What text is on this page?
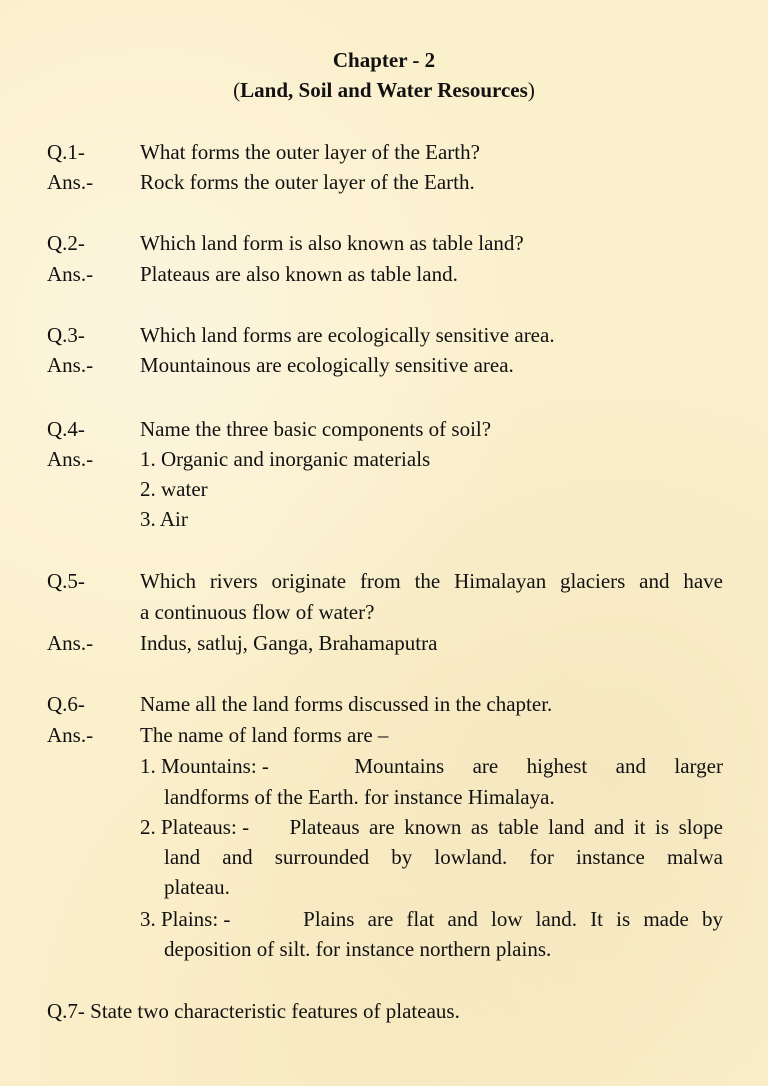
Chapter - 2
(Land, Soil and Water Resources)
Q.1-	What forms the outer layer of the Earth?
Ans.- Rock forms the outer layer of the Earth.
Q.2-	Which land form is also known as table land?
Ans.- Plateaus are also known as table land.
Q.3-	Which land forms are ecologically sensitive area.
Ans.- Mountainous are ecologically sensitive area.
Q.4-	Name the three basic components of soil?
Ans.- 1. Organic and inorganic materials
2. water
3. Air
Q.5-	Which rivers originate from the Himalayan glaciers and have
a continuous flow of water?
Ans.- Indus, satluj, Ganga, Brahamaputra
Q.6-	Name all the land forms discussed in the chapter.
Ans.- The name of land forms are –
1. Mountains: -	Mountains are highest and larger
landforms of the Earth. for instance Himalaya.
2. Plateaus: -	Plateaus are known as table land and it is slope
land and surrounded by lowland. for instance malwa
plateau.
3. Plains: -	Plains are flat and low land. It is made by
deposition of silt. for instance northern plains.
Q.7- State two characteristic features of plateaus.
